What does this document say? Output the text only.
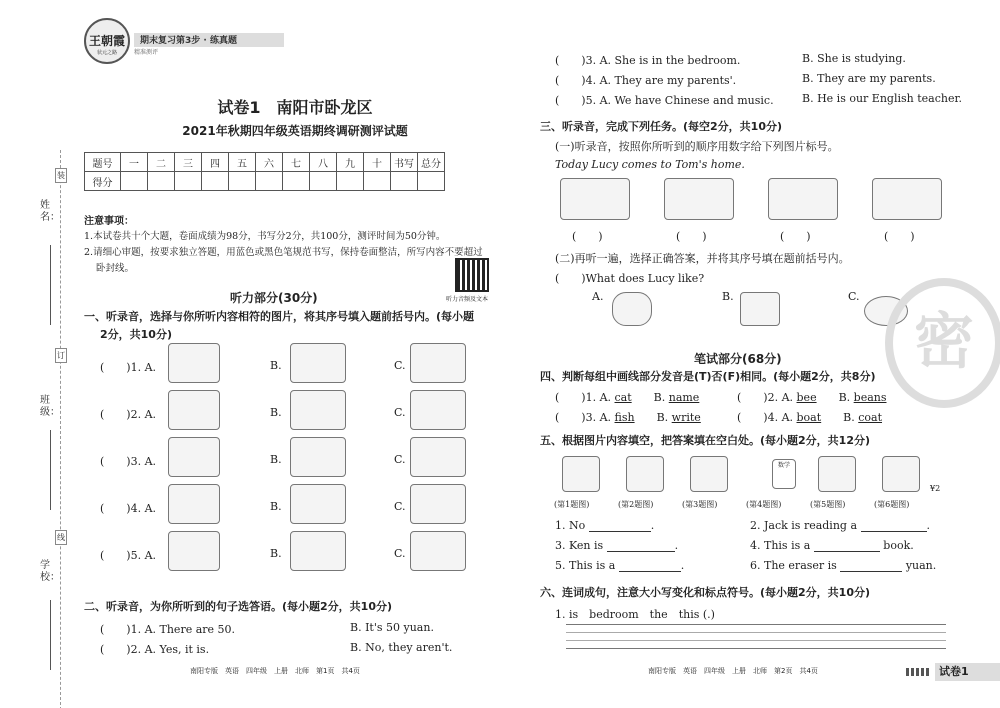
装
订
线
姓名：
班级：
学校：
王朝霞
状元之路	精准测评
期末复习第3步 · 练真题
试卷1　南阳市卧龙区
2021年秋期四年级英语期终调研测评试题
题号	一	二	三	四	五	六	七	八	九	十	书写	总分
得分												
注意事项：
1.本试卷共十个大题，卷面成绩为98分，书写分2分，共100分，测评时间为50分钟。
2.请细心审题，按要求独立答题，用蓝色或黑色笔规范书写，保持卷面整洁，所写内容不要超过
卧封线。
听力音频及文本
听力部分(30分)
一、听录音，选择与你所听内容相符的图片，将其序号填入题前括号内。(每小题
2分，共10分)
(　　)1. A.	B.	C.
(　　)2. A.	B.	C.
(　　)3. A.	B.	C.
(　　)4. A.	B.	C.
(　　)5. A.	B.	C.
二、听录音，为你所听到的句子选答语。(每小题2分，共10分)
(　　)1. A. There are 50.	B. It's 50 yuan.
(　　)2. A. Yes, it is.	B. No, they aren't.
南阳专版　英语　四年级　上册　北师　第1页　共4页
(　　)3. A. She is in the bedroom.	B. She is studying.
(　　)4. A. They are my parents'.	B. They are my parents.
(　　)5. A. We have Chinese and music.	B. He is our English teacher.
三、听录音，完成下列任务。(每空2分，共10分)
(一)听录音，按照你所听到的顺序用数字给下列图片标号。
Today Lucy comes to Tom's home.
(　　)	(　　)	(　　)	(　　)
(二)再听一遍，选择正确答案，并将其序号填在题前括号内。
(　　)What does Lucy like?
A.	B.	C.
密
笔试部分(68分)
四、判断每组中画线部分发音是(T)否(F)相同。(每小题2分，共8分)
(　　)1. A. cat B. name	(　　)2. A. bee B. beans
(　　)3. A. fish B. write	(　　)4. A. boat B. coat
五、根据图片内容填空，把答案填在空白处。(每小题2分，共12分)
(第1题图)	(第2题图)	(第3题图)	(第4题图)	(第5题图)	(第6题图)
数学
¥2
1. No	.	2. Jack is reading a	.
3. Ken is	.	4. This is a	book.
5. This is a	.	6. The eraser is	yuan.
六、连词成句，注意大小写变化和标点符号。(每小题2分，共10分)
1. is　bedroom　the　this (.)
南阳专版　英语　四年级　上册　北师　第2页　共4页	试卷1
